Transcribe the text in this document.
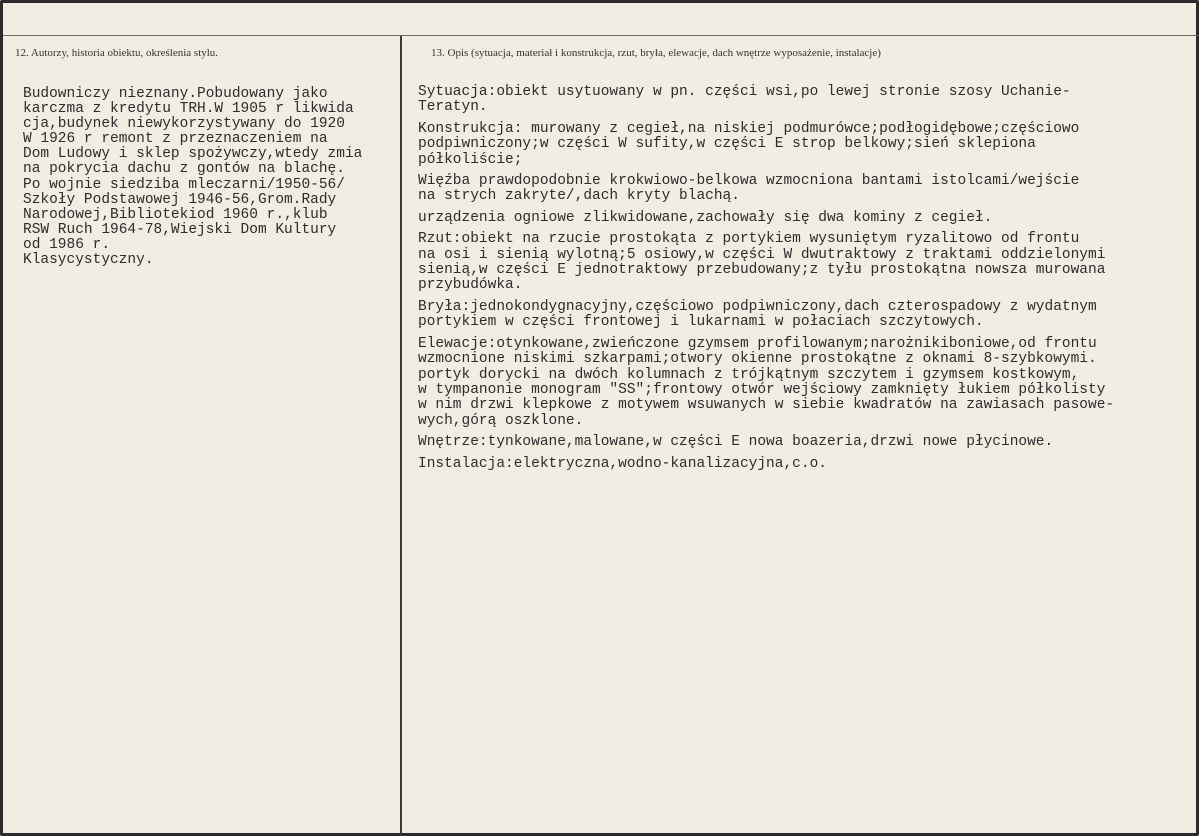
12. Autorzy, historia obiektu, określenia stylu.	13. Opis (sytuacja, materiał i konstrukcja, rzut, bryła, elewacje, dach wnętrze wyposażenie, instalacje)
Budowniczy nieznany.Pobudowany jako
karczma z kredytu TRH.W 1905 r likwida
cja,budynek niewykorzystywany do 1920
W 1926 r remont z przeznaczeniem na
Dom Ludowy i sklep spożywczy,wtedy zmia
na pokrycia dachu z gontów na blachę.
Po wojnie siedziba mleczarni/1950-56/
Szkoły Podstawowej 1946-56,Grom.Rady
Narodowej,Bibliotekiod 1960 r.,klub
RSW Ruch 1964-78,Wiejski Dom Kultury
od 1986 r.
Klasycystyczny.
Sytuacja:obiekt usytuowany w pn. części wsi,po lewej stronie szosy Uchanie-
Teratyn.
Konstrukcja: murowany z cegieł,na niskiej podmurówce;podłogidębowe;częściowo
podpiwniczony;w części W sufity,w części E strop belkowy;sień sklepiona
półkoliście;
Więźba prawdopodobnie krokwiowo-belkowa wzmocniona bantami istolcami/wejście
na strych zakryte/,dach kryty blachą.
urządzenia ogniowe zlikwidowane,zachowały się dwa kominy z cegieł.
Rzut:obiekt na rzucie prostokąta z portykiem wysuniętym ryzalitowo od frontu
na osi i sienią wylotną;5 osiowy,w części W dwutraktowy z traktami oddzielonymi
sienią,w części E jednotraktowy przebudowany;z tyłu prostokątna nowsza murowana
przybudówka.
Bryła:jednokondygnacyjny,częściowo podpiwniczony,dach czterospadowy z wydatnym
portykiem w części frontowej i lukarnami w połaciach szczytowych.
Elewacje:otynkowane,zwieńczone gzymsem profilowanym;narożnikiboniowe,od frontu
wzmocnione niskimi szkarpami;otwory okienne prostokątne z oknami 8-szybkowymi.
portyk dorycki na dwóch kolumnach z trójkątnym szczytem i gzymsem kostkowym,
w tympanonie monogram "SS";frontowy otwór wejściowy zamknięty łukiem półkolisty
w nim drzwi klepkowe z motywem wsuwanych w siebie kwadratów na zawiasach pasowe-
wych,górą oszklone.
Wnętrze:tynkowane,malowane,w części E nowa boazeria,drzwi nowe płycinowe.
Instalacja:elektryczna,wodno-kanalizacyjna,c.o.
